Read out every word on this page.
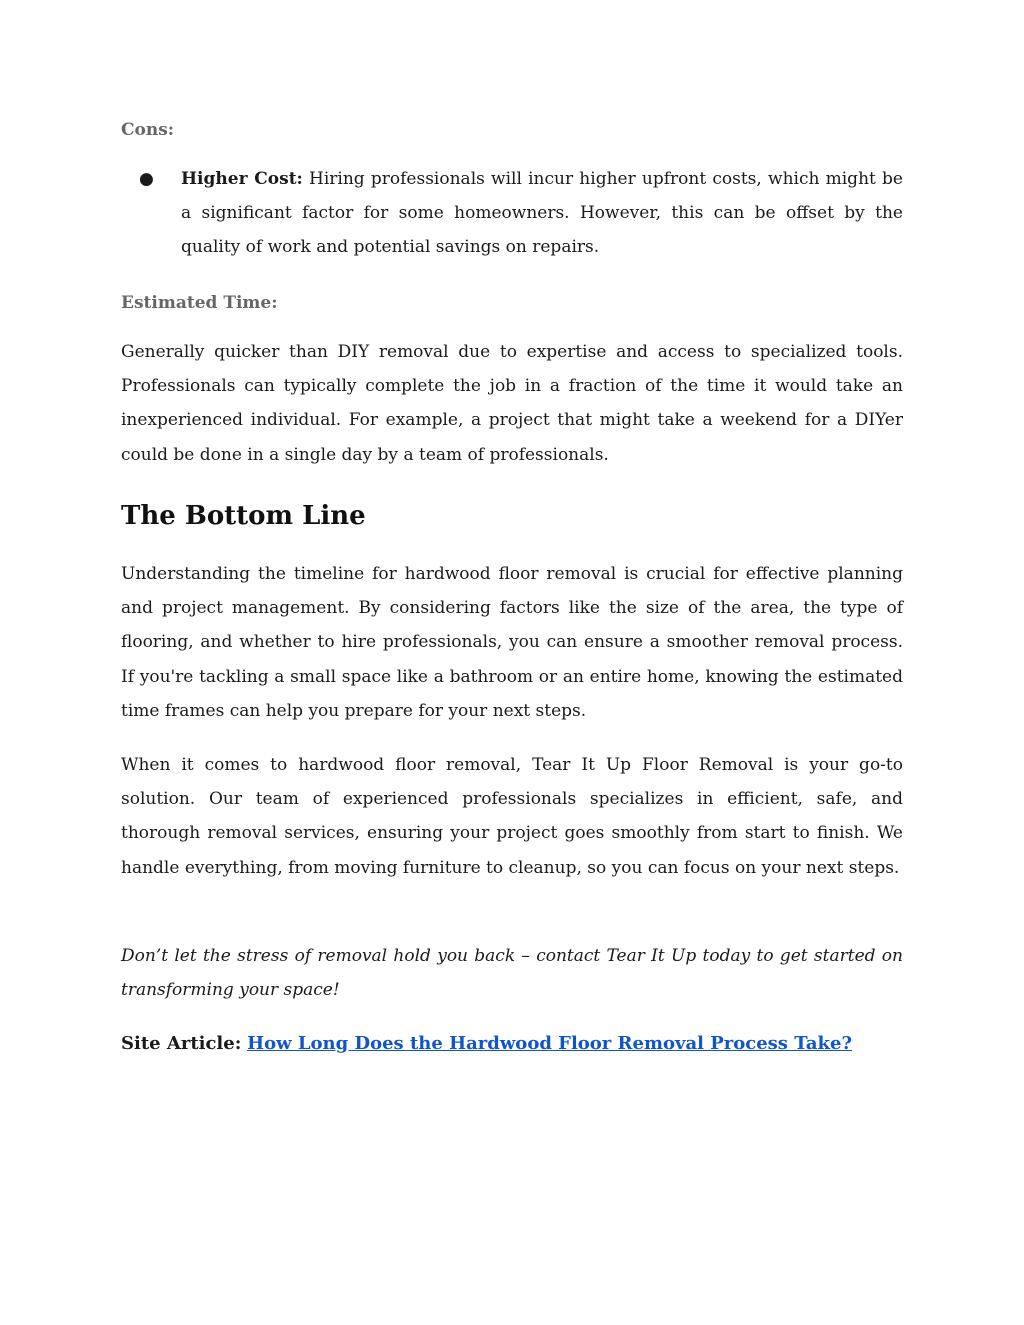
Cons:

● Higher Cost: Hiring professionals will incur higher upfront costs, which might be a significant factor for some homeowners. However, this can be offset by the quality of work and potential savings on repairs.

Estimated Time:

Generally quicker than DIY removal due to expertise and access to specialized tools. Professionals can typically complete the job in a fraction of the time it would take an inexperienced individual. For example, a project that might take a weekend for a DIYer could be done in a single day by a team of professionals.

The Bottom Line

Understanding the timeline for hardwood floor removal is crucial for effective planning and project management. By considering factors like the size of the area, the type of flooring, and whether to hire professionals, you can ensure a smoother removal process. If you're tackling a small space like a bathroom or an entire home, knowing the estimated time frames can help you prepare for your next steps.

When it comes to hardwood floor removal, Tear It Up Floor Removal is your go-to solution. Our team of experienced professionals specializes in efficient, safe, and thorough removal services, ensuring your project goes smoothly from start to finish. We handle everything, from moving furniture to cleanup, so you can focus on your next steps.

Don’t let the stress of removal hold you back – contact Tear It Up today to get started on transforming your space!

Site Article: How Long Does the Hardwood Floor Removal Process Take?
